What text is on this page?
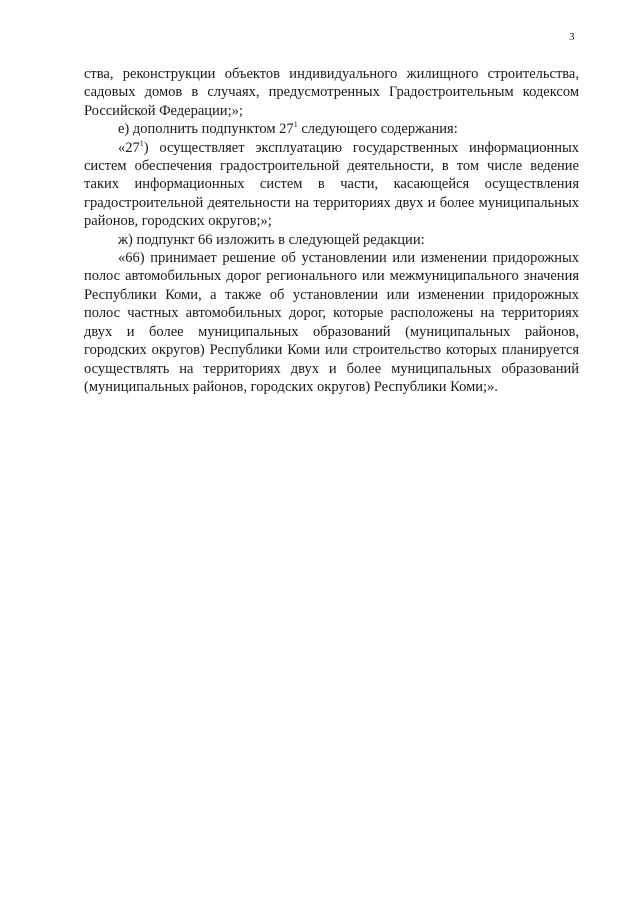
3

ства, реконструкции объектов индивидуального жилищного строительства, садовых домов в случаях, предусмотренных Градостроительным кодексом Российской Федерации;»;

е) дополнить подпунктом $27^1$ следующего содержания:

«$27^1$) осуществляет эксплуатацию государственных информационных систем обеспечения градостроительной деятельности, в том числе ведение таких информационных систем в части, касающейся осуществления градостроительной деятельности на территориях двух и более муниципальных районов, городских округов;»;

ж) подпункт 66 изложить в следующей редакции:

«66) принимает решение об установлении или изменении придорожных полос автомобильных дорог регионального или межмуниципального значения Республики Коми, а также об установлении или изменении придорожных полос частных автомобильных дорог, которые расположены на территориях двух и более муниципальных образований (муниципальных районов, городских округов) Республики Коми или строительство которых планируется осуществлять на территориях двух и более муниципальных образований (муниципальных районов, городских округов) Республики Коми;».
